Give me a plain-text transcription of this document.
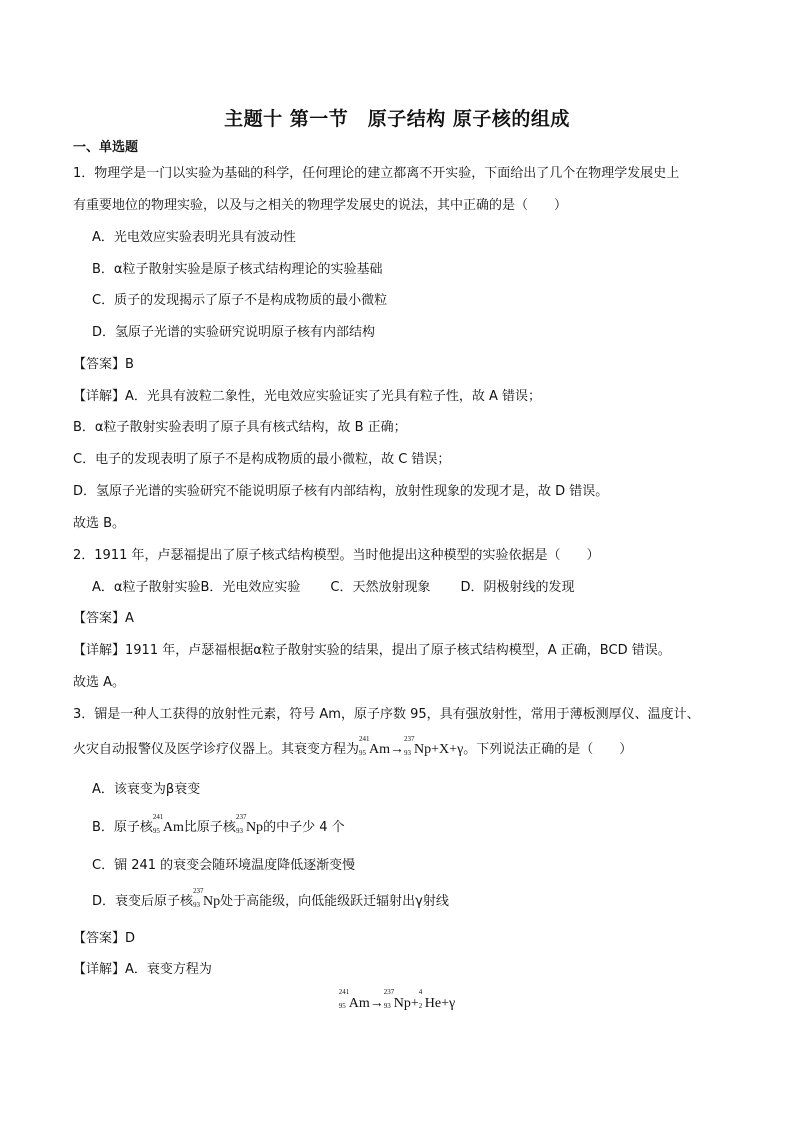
主题十 第一节　原子结构 原子核的组成
一、单选题
1．物理学是一门以实验为基础的科学，任何理论的建立都离不开实验，下面给出了几个在物理学发展史上
有重要地位的物理实验，以及与之相关的物理学发展史的说法，其中正确的是（　　）
A．光电效应实验表明光具有波动性
B．α粒子散射实验是原子核式结构理论的实验基础
C．质子的发现揭示了原子不是构成物质的最小微粒
D．氢原子光谱的实验研究说明原子核有内部结构
【答案】B
【详解】A．光具有波粒二象性，光电效应实验证实了光具有粒子性，故 A 错误；
B．α粒子散射实验表明了原子具有核式结构，故 B 正确；
C．电子的发现表明了原子不是构成物质的最小微粒，故 C 错误；
D．氢原子光谱的实验研究不能说明原子核有内部结构，放射性现象的发现才是，故 D 错误。
故选 B。
2．1911 年，卢瑟福提出了原子核式结构模型。当时他提出这种模型的实验依据是（　　）
A．α粒子散射实验B．光电效应实验 C．天然放射现象 D．阴极射线的发现
【答案】A
【详解】1911 年，卢瑟福根据α粒子散射实验的结果，提出了原子核式结构模型，A 正确，BCD 错误。
故选 A。
3．镅是一种人工获得的放射性元素，符号 Am，原子序数 95，具有强放射性，常用于薄板测厚仪、温度计、
火灾自动报警仪及医学诊疗仪器上。其衰变方程为
241
95 Am→
237
93 Np+X+γ。下列说法正确的是（　　）
A．该衰变为β衰变
B．原子核
241
95 Am比原子核
237
93 Np的中子少 4 个
C．镅 241 的衰变会随环境温度降低逐渐变慢
D．衰变后原子核
237
93 Np处于高能级，向低能级跃迁辐射出γ射线
【答案】D
【详解】A．衰变方程为
241
95 Am→
237
93 Np+
4
2 He+γ
